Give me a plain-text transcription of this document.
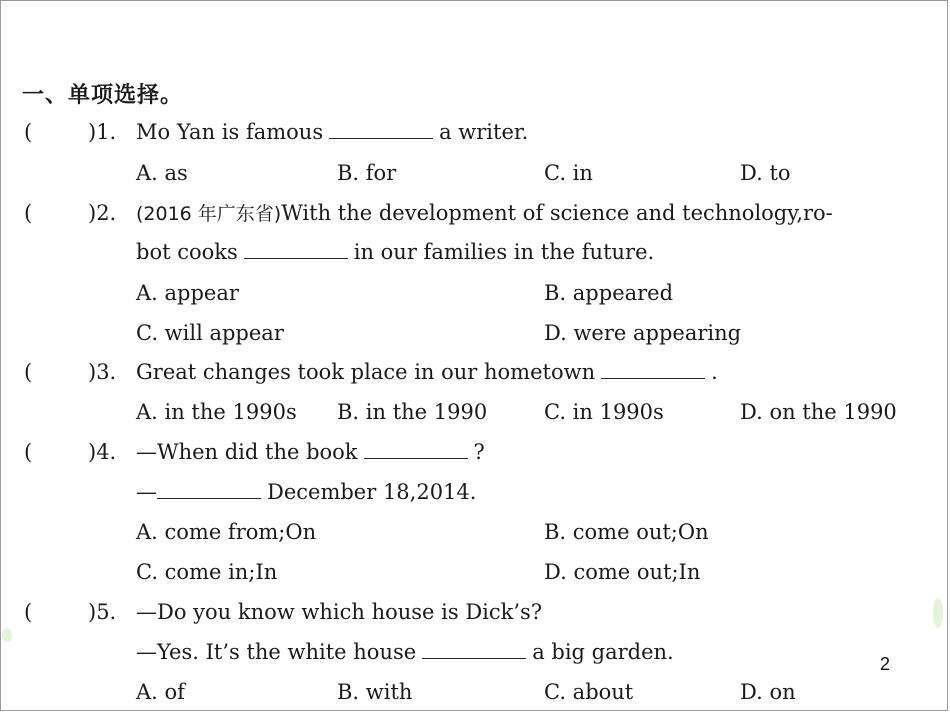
一、单项选择。
(	)1. Mo Yan is famous	a writer.
A. as	B. for	C. in	D. to
(	)2. (2016 年广东省)With the development of science and technology,ro-
bot cooks	in our families in the future.
A. appear	B. appeared
C. will appear	D. were appearing
(	)3. Great changes took place in our hometown	.
A. in the 1990s B. in the 1990	C. in 1990s	D. on the 1990
(	)4. —When did the book	?
—	December 18,2014.
A. come from;On	B. come out;On
C. come in;In	D. come out;In
(	)5. —Do you know which house is Dick’s?
—Yes. It’s the white house	a big garden.
A. of	B. with	C. about	D. on
2
